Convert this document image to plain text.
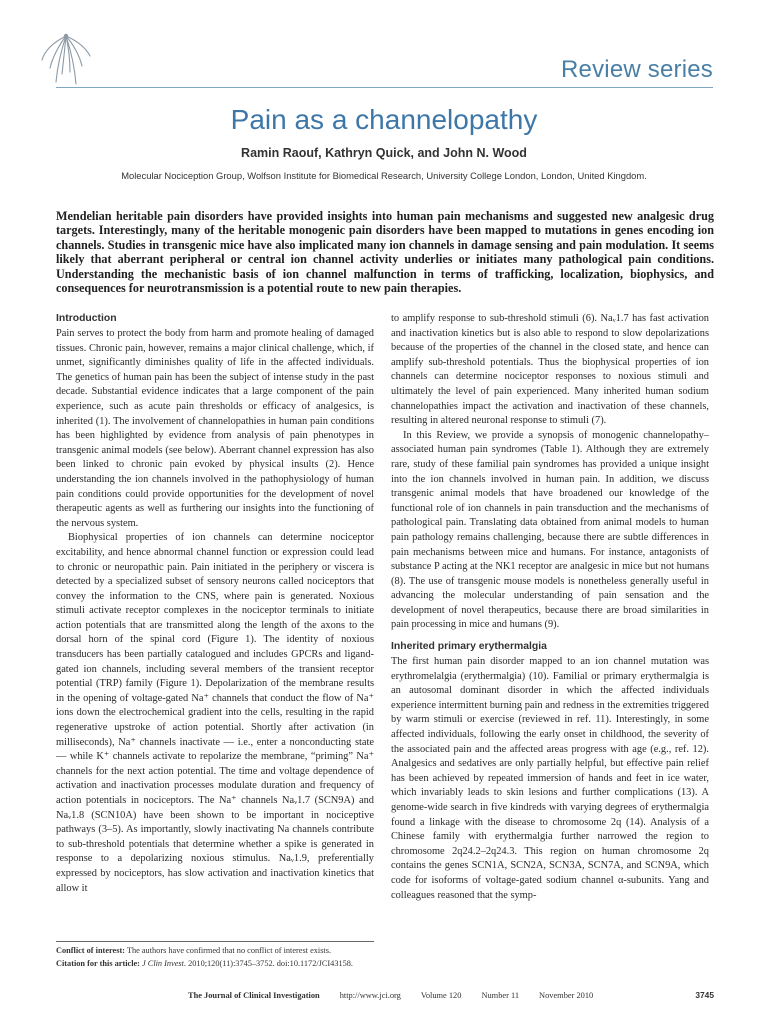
Review series
Pain as a channelopathy
Ramin Raouf, Kathryn Quick, and John N. Wood
Molecular Nociception Group, Wolfson Institute for Biomedical Research, University College London, London, United Kingdom.
Mendelian heritable pain disorders have provided insights into human pain mechanisms and suggested new analgesic drug targets. Interestingly, many of the heritable monogenic pain disorders have been mapped to mutations in genes encoding ion channels. Studies in transgenic mice have also implicated many ion channels in damage sensing and pain modulation. It seems likely that aberrant peripheral or central ion channel activity underlies or initiates many pathological pain conditions. Understanding the mechanistic basis of ion channel malfunction in terms of trafficking, localization, biophysics, and consequences for neurotransmission is a potential route to new pain therapies.
Introduction

Pain serves to protect the body from harm and promote healing of damaged tissues. Chronic pain, however, remains a major clinical challenge, which, if unmet, significantly diminishes quality of life in the affected individuals. The genetics of human pain has been the subject of intense study in the past decade. Substantial evidence indicates that a large component of the pain experience, such as acute pain thresholds or efficacy of analgesics, is inherited (1). The involvement of channelopathies in human pain conditions has been highlighted by evidence from analysis of pain phenotypes in transgenic animal models (see below). Aberrant channel expression has also been linked to chronic pain evoked by physical insults (2). Hence understanding the ion channels involved in the pathophysiology of human pain conditions could provide opportunities for the development of novel therapeutic agents as well as furthering our insights into the functioning of the nervous system.

Biophysical properties of ion channels can determine nociceptor excitability, and hence abnormal channel function or expression could lead to chronic or neuropathic pain. Pain initiated in the periphery or viscera is detected by a specialized subset of sensory neurons called nociceptors that convey the information to the CNS, where pain is generated. Noxious stimuli activate receptor complexes in the nociceptor terminals to initiate action potentials that are transmitted along the length of the axons to the dorsal horn of the spinal cord (Figure 1). The identity of noxious transducers has been partially catalogued and includes GPCRs and ligand-gated ion channels, including several members of the transient receptor potential (TRP) family (Figure 1). Depolarization of the membrane results in the opening of voltage-gated Na⁺ channels that conduct the flow of Na⁺ ions down the electrochemical gradient into the cells, resulting in the rapid regenerative upstroke of action potential. Shortly after activation (in milliseconds), Na⁺ channels inactivate — i.e., enter a nonconducting state — while K⁺ channels activate to repolarize the membrane, “priming” Na⁺ channels for the next action potential. The time and voltage dependence of activation and inactivation processes modulate duration and frequency of action potentials in nociceptors. The Na⁺ channels Naᵥ1.7 (SCN9A) and Naᵥ1.8 (SCN10A) have been shown to be important in nociceptive pathways (3–5). As importantly, slowly inactivating Na channels contribute to sub-threshold potentials that determine whether a spike is generated in response to a depolarizing noxious stimulus. Naᵥ1.9, preferentially expressed by nociceptors, has slow activation and inactivation kinetics that allow it

to amplify response to sub-threshold stimuli (6). Naᵥ1.7 has fast activation and inactivation kinetics but is also able to respond to slow depolarizations because of the properties of the channel in the closed state, and hence can amplify sub-threshold potentials. Thus the biophysical properties of ion channels can determine nociceptor responses to noxious stimuli and ultimately the level of pain experienced. Many inherited human sodium channelopathies impact the activation and inactivation of these channels, resulting in altered neuronal response to stimuli (7).

In this Review, we provide a synopsis of monogenic channelopathy–associated human pain syndromes (Table 1). Although they are extremely rare, study of these familial pain syndromes has provided a unique insight into the ion channels involved in human pain. In addition, we discuss transgenic animal models that have broadened our knowledge of the functional role of ion channels in pain transduction and the mechanisms of pathological pain. Translating data obtained from animal models to human pain pathology remains challenging, because there are subtle differences in pain mechanisms between mice and humans. For instance, antagonists of substance P acting at the NK1 receptor are analgesic in mice but not humans (8). The use of transgenic mouse models is nonetheless generally useful in advancing the molecular understanding of pain sensation and the development of novel therapeutics, because there are broad similarities in pain processing in mice and humans (9).

Inherited primary erythermalgia

The first human pain disorder mapped to an ion channel mutation was erythromelalgia (erythermalgia) (10). Familial or primary erythermalgia is an autosomal dominant disorder in which the affected individuals experience intermittent burning pain and redness in the extremities triggered by warm stimuli or exercise (reviewed in ref. 11). Interestingly, in some affected individuals, following the early onset in childhood, the severity of the associated pain and the affected areas progress with age (e.g., ref. 12). Analgesics and sedatives are only partially helpful, but effective pain relief has been achieved by repeated immersion of hands and feet in ice water, which invariably leads to skin lesions and further complications (13). A genome-wide search in five kindreds with varying degrees of erythermalgia found a linkage with the disease to chromosome 2q (14). Analysis of a Chinese family with erythermalgia further narrowed the region to chromosome 2q24.2–2q24.3. This region on human chromosome 2q contains the genes SCN1A, SCN2A, SCN3A, SCN7A, and SCN9A, which code for isoforms of voltage-gated sodium channel α-subunits. Yang and colleagues reasoned that the symp-

Conflict of interest: The authors have confirmed that no conflict of interest exists.
Citation for this article: J Clin Invest. 2010;120(11):3745–3752. doi:10.1172/JCI43158.
The Journal of Clinical Investigation http://www.jci.org Volume 120 Number 11 November 2010	3745
